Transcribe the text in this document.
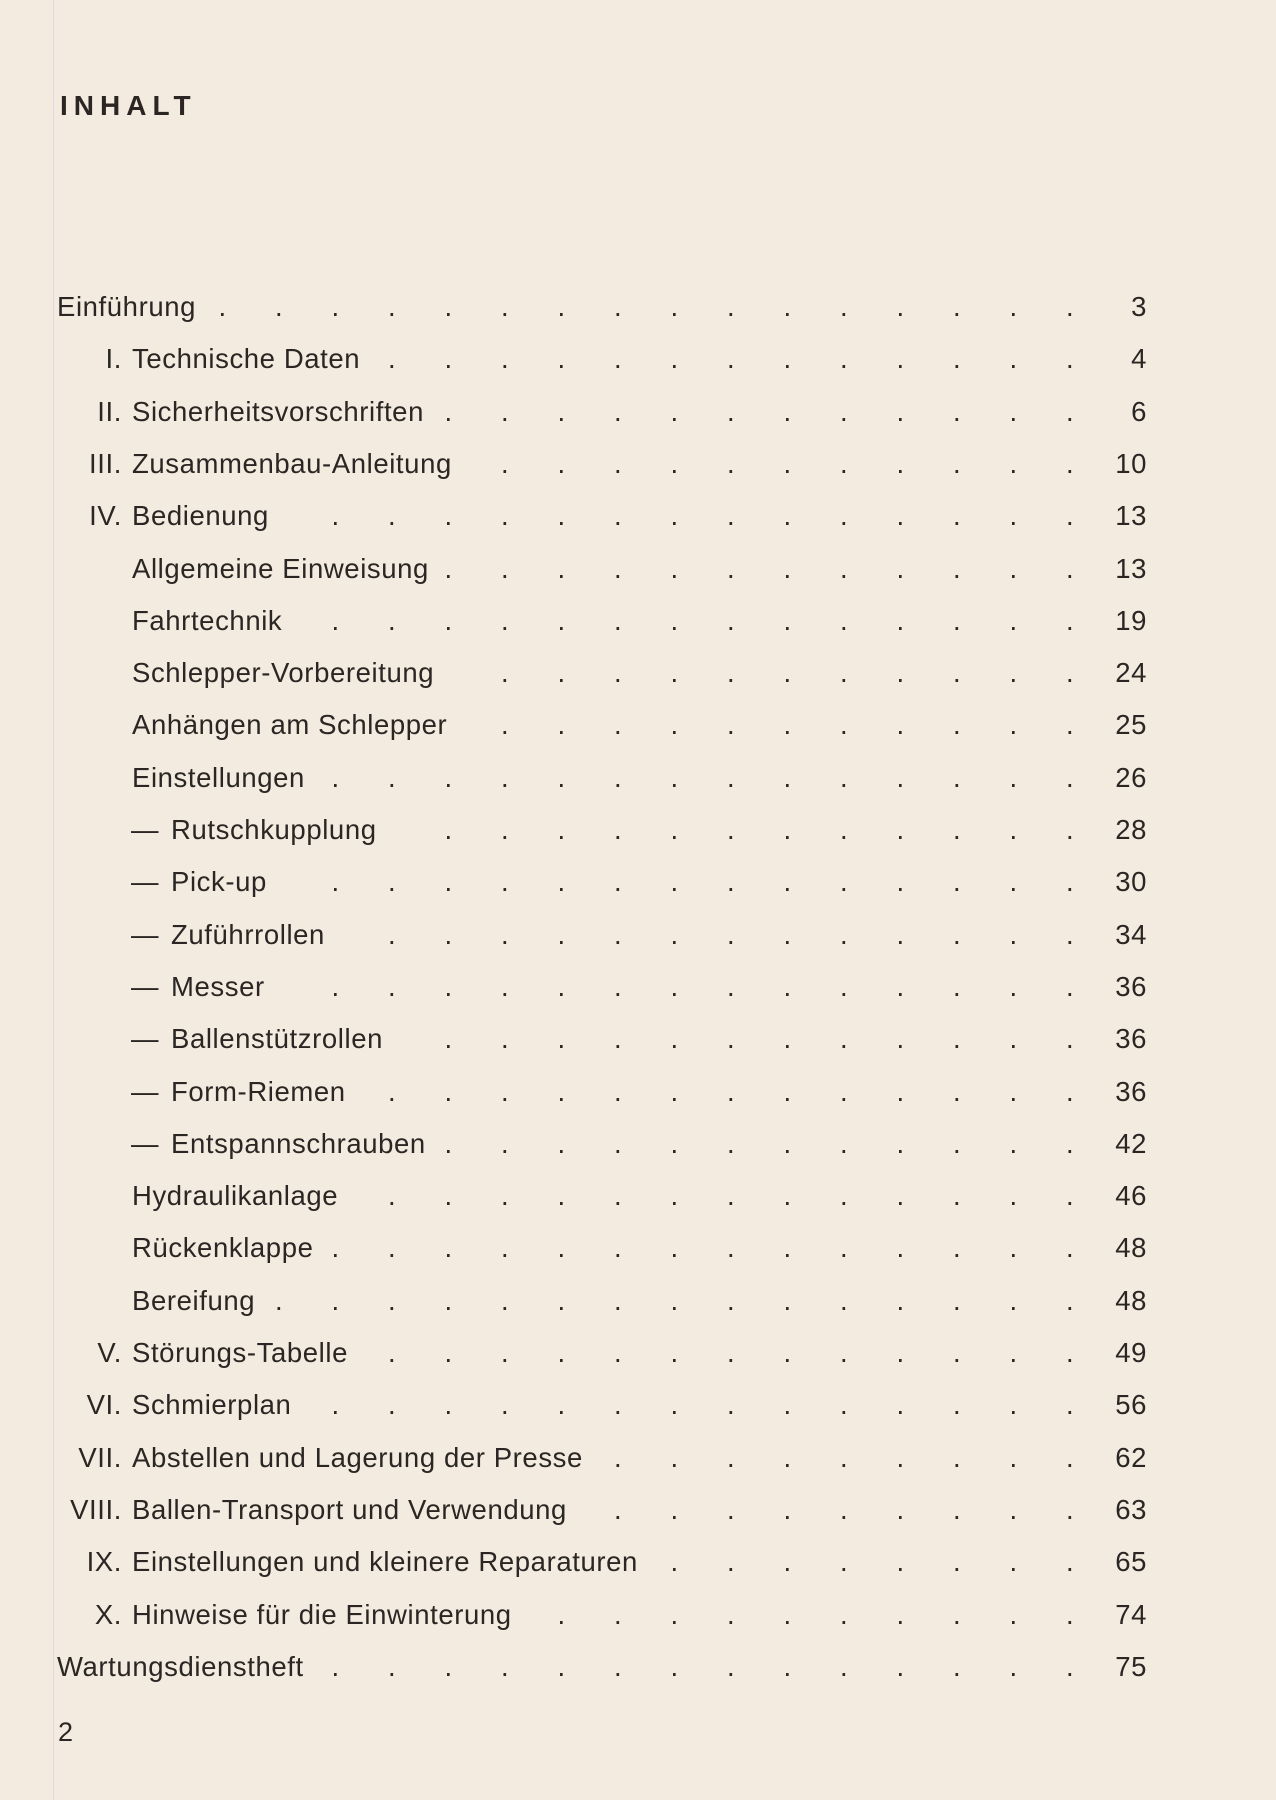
INHALT
Einführung	3
.
.
.
.
.
.
.
.
.
.
.
.
.
.
.
.
I. Technische Daten	4
.
.
.
.
.
.
.
.
.
.
.
.
.
II. Sicherheitsvorschriften	6
.
.
.
.
.
.
.
.
.
.
.
.
III. Zusammenbau-Anleitung	10
.
.
.
.
.
.
.
.
.
.
.
IV. Bedienung	13
.
.
.
.
.
.
.
.
.
.
.
.
.
.
Allgemeine Einweisung	13
.
.
.
.
.
.
.
.
.
.
.
.
Fahrtechnik	19
.
.
.
.
.
.
.
.
.
.
.
.
.
.
Schlepper-Vorbereitung	24
.
.
.
.
.
.
.
.
.
.
.
Anhängen am Schlepper	25
.
.
.
.
.
.
.
.
.
.
.
Einstellungen	26
.
.
.
.
.
.
.
.
.
.
.
.
.
.
— Rutschkupplung	28
.
.
.
.
.
.
.
.
.
.
.
.
— Pick-up	30
.
.
.
.
.
.
.
.
.
.
.
.
.
.
— Zuführrollen	34
.
.
.
.
.
.
.
.
.
.
.
.
.
— Messer	36
.
.
.
.
.
.
.
.
.
.
.
.
.
.
— Ballenstützrollen	36
.
.
.
.
.
.
.
.
.
.
.
.
— Form-Riemen	36
.
.
.
.
.
.
.
.
.
.
.
.
.
— Entspannschrauben	42
.
.
.
.
.
.
.
.
.
.
.
.
Hydraulikanlage	46
.
.
.
.
.
.
.
.
.
.
.
.
.
Rückenklappe	48
.
.
.
.
.
.
.
.
.
.
.
.
.
.
Bereifung	48
.
.
.
.
.
.
.
.
.
.
.
.
.
.
.
V. Störungs-Tabelle	49
.
.
.
.
.
.
.
.
.
.
.
.
.
VI. Schmierplan	56
.
.
.
.
.
.
.
.
.
.
.
.
.
.
VII. Abstellen und Lagerung der Presse	62
.
.
.
.
.
.
.
.
.
VIII. Ballen-Transport und Verwendung	63
.
.
.
.
.
.
.
.
.
IX. Einstellungen und kleinere Reparaturen	65
.
.
.
.
.
.
.
.
X. Hinweise für die Einwinterung	74
.
.
.
.
.
.
.
.
.
.
Wartungsdienstheft	75
.
.
.
.
.
.
.
.
.
.
.
.
.
.
2
